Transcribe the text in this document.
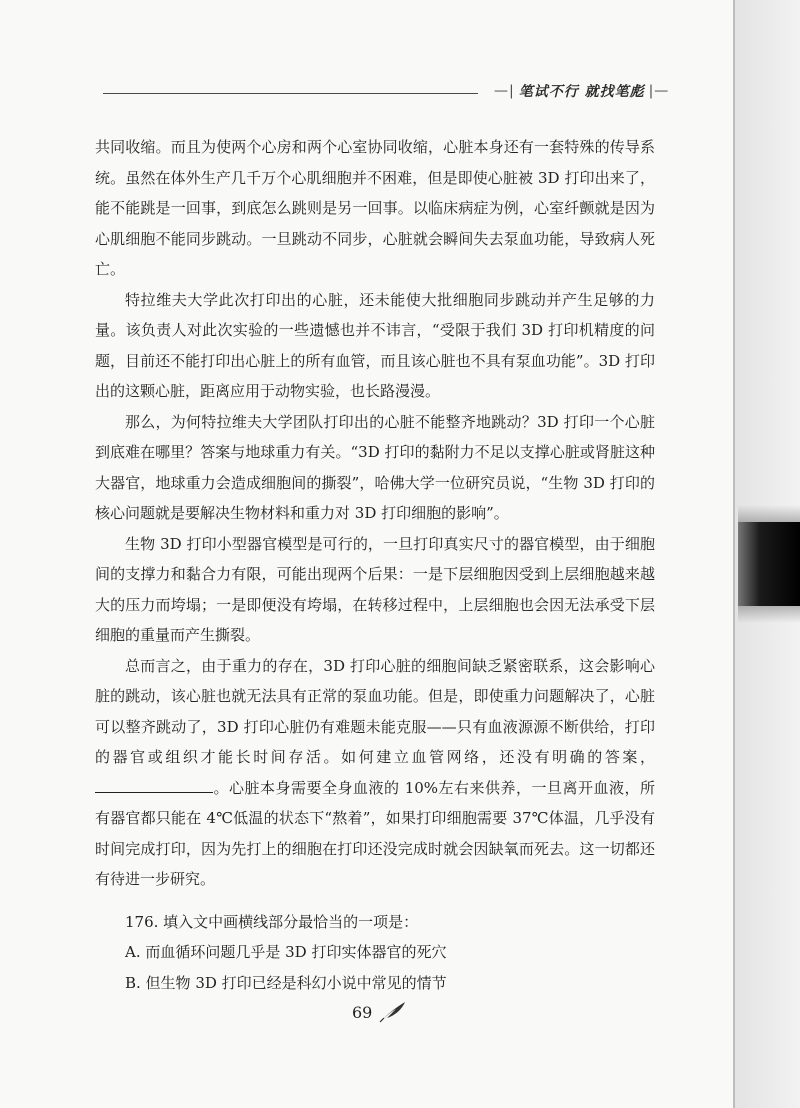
—| 笔试不行 就找笔彪 |—

共同收缩。而且为使两个心房和两个心室协同收缩，心脏本身还有一套特殊的传导系统。虽然在体外生产几千万个心肌细胞并不困难，但是即使心脏被 3D 打印出来了，能不能跳是一回事，到底怎么跳则是另一回事。以临床病症为例，心室纤颤就是因为心肌细胞不能同步跳动。一旦跳动不同步，心脏就会瞬间失去泵血功能，导致病人死亡。

特拉维夫大学此次打印出的心脏，还未能使大批细胞同步跳动并产生足够的力量。该负责人对此次实验的一些遗憾也并不讳言，“受限于我们 3D 打印机精度的问题，目前还不能打印出心脏上的所有血管，而且该心脏也不具有泵血功能”。3D 打印出的这颗心脏，距离应用于动物实验，也长路漫漫。

那么，为何特拉维夫大学团队打印出的心脏不能整齐地跳动？3D 打印一个心脏到底难在哪里？答案与地球重力有关。“3D 打印的黏附力不足以支撑心脏或肾脏这种大器官，地球重力会造成细胞间的撕裂”，哈佛大学一位研究员说，“生物 3D 打印的核心问题就是要解决生物材料和重力对 3D 打印细胞的影响”。

生物 3D 打印小型器官模型是可行的，一旦打印真实尺寸的器官模型，由于细胞间的支撑力和黏合力有限，可能出现两个后果：一是下层细胞因受到上层细胞越来越大的压力而垮塌；一是即便没有垮塌，在转移过程中，上层细胞也会因无法承受下层细胞的重量而产生撕裂。

总而言之，由于重力的存在，3D 打印心脏的细胞间缺乏紧密联系，这会影响心脏的跳动，该心脏也就无法具有正常的泵血功能。但是，即使重力问题解决了，心脏可以整齐跳动了，3D 打印心脏仍有难题未能克服——只有血液源源不断供给，打印的器官或组织才能长时间存活。如何建立血管网络，还没有明确的答案，。心脏本身需要全身血液的 10%左右来供养，一旦离开血液，所有器官都只能在 4℃低温的状态下“熬着”，如果打印细胞需要 37℃体温，几乎没有时间完成打印，因为先打上的细胞在打印还没完成时就会因缺氧而死去。这一切都还有待进一步研究。

176. 填入文中画横线部分最恰当的一项是：

A. 而血循环问题几乎是 3D 打印实体器官的死穴

B. 但生物 3D 打印已经是科幻小说中常见的情节

69
